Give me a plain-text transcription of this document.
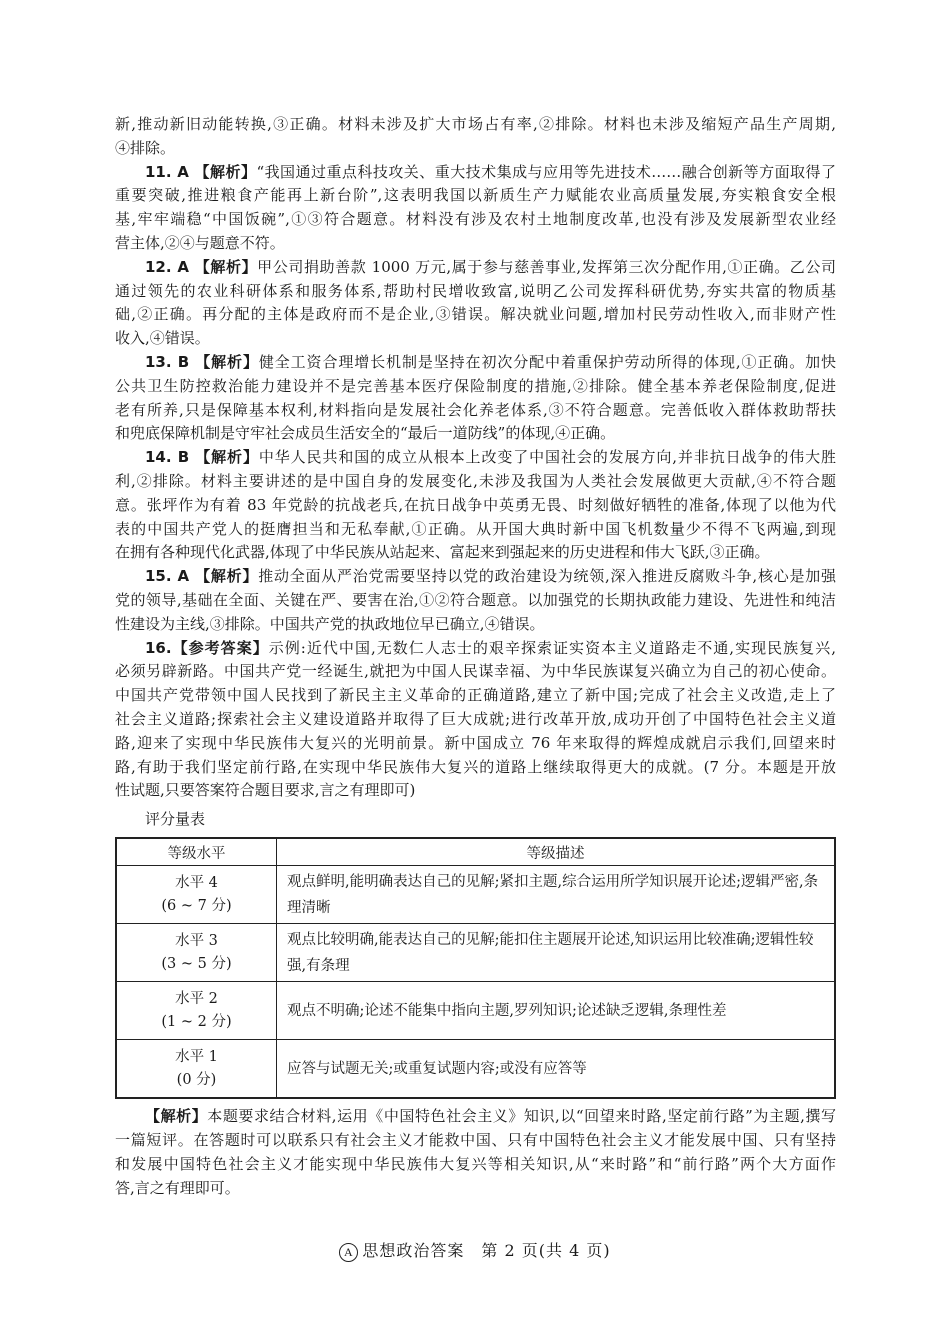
新,推动新旧动能转换,③正确。材料未涉及扩大市场占有率,②排除。材料也未涉及缩短产品生产周期,
④排除。
11. A 【解析】“我国通过重点科技攻关、重大技术集成与应用等先进技术……融合创新等方面取得了
重要突破,推进粮食产能再上新台阶”,这表明我国以新质生产力赋能农业高质量发展,夯实粮食安全根
基,牢牢端稳“中国饭碗”,①③符合题意。材料没有涉及农村土地制度改革,也没有涉及发展新型农业经
营主体,②④与题意不符。
12. A 【解析】甲公司捐助善款 1000 万元,属于参与慈善事业,发挥第三次分配作用,①正确。乙公司
通过领先的农业科研体系和服务体系,帮助村民增收致富,说明乙公司发挥科研优势,夯实共富的物质基
础,②正确。再分配的主体是政府而不是企业,③错误。解决就业问题,增加村民劳动性收入,而非财产性
收入,④错误。
13. B 【解析】健全工资合理增长机制是坚持在初次分配中着重保护劳动所得的体现,①正确。加快
公共卫生防控救治能力建设并不是完善基本医疗保险制度的措施,②排除。健全基本养老保险制度,促进
老有所养,只是保障基本权利,材料指向是发展社会化养老体系,③不符合题意。完善低收入群体救助帮扶
和兜底保障机制是守牢社会成员生活安全的“最后一道防线”的体现,④正确。
14. B 【解析】中华人民共和国的成立从根本上改变了中国社会的发展方向,并非抗日战争的伟大胜
利,②排除。材料主要讲述的是中国自身的发展变化,未涉及我国为人类社会发展做更大贡献,④不符合题
意。张坪作为有着 83 年党龄的抗战老兵,在抗日战争中英勇无畏、时刻做好牺牲的准备,体现了以他为代
表的中国共产党人的挺膺担当和无私奉献,①正确。从开国大典时新中国飞机数量少不得不飞两遍,到现
在拥有各种现代化武器,体现了中华民族从站起来、富起来到强起来的历史进程和伟大飞跃,③正确。
15. A 【解析】推动全面从严治党需要坚持以党的政治建设为统领,深入推进反腐败斗争,核心是加强
党的领导,基础在全面、关键在严、要害在治,①②符合题意。以加强党的长期执政能力建设、先进性和纯洁
性建设为主线,③排除。中国共产党的执政地位早已确立,④错误。
16.【参考答案】示例:近代中国,无数仁人志士的艰辛探索证实资本主义道路走不通,实现民族复兴,
必须另辟新路。中国共产党一经诞生,就把为中国人民谋幸福、为中华民族谋复兴确立为自己的初心使命。
中国共产党带领中国人民找到了新民主主义革命的正确道路,建立了新中国;完成了社会主义改造,走上了
社会主义道路;探索社会主义建设道路并取得了巨大成就;进行改革开放,成功开创了中国特色社会主义道
路,迎来了实现中华民族伟大复兴的光明前景。新中国成立 76 年来取得的辉煌成就启示我们,回望来时
路,有助于我们坚定前行路,在实现中华民族伟大复兴的道路上继续取得更大的成就。(7 分。本题是开放
性试题,只要答案符合题目要求,言之有理即可)
评分量表
等级水平	等级描述

水平 4
(6 ~ 7 分)	观点鲜明,能明确表达自己的见解;紧扣主题,综合运用所学知识展开论述;逻辑严密,条理清晰

水平 3
(3 ~ 5 分)	观点比较明确,能表达自己的见解;能扣住主题展开论述,知识运用比较准确;逻辑性较强,有条理

水平 2
(1 ~ 2 分)	观点不明确;论述不能集中指向主题,罗列知识;论述缺乏逻辑,条理性差

水平 1
(0 分)	应答与试题无关;或重复试题内容;或没有应答等
【解析】本题要求结合材料,运用《中国特色社会主义》知识,以“回望来时路,坚定前行路”为主题,撰写
一篇短评。在答题时可以联系只有社会主义才能救中国、只有中国特色社会主义才能发展中国、只有坚持
和发展中国特色社会主义才能实现中华民族伟大复兴等相关知识,从“来时路”和“前行路”两个大方面作
答,言之有理即可。
A 思想政治答案　第 2 页(共 4 页)
